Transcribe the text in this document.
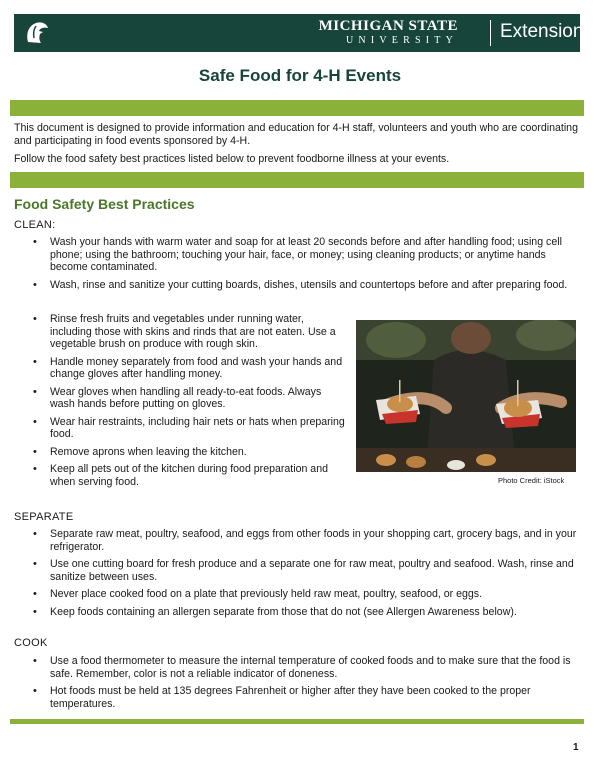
MICHIGAN STATE
UNIVERSITY Extension
Safe Food for 4-H Events
This document is designed to provide information and education for 4-H staff, volunteers and youth who are coordinating and participating in food events sponsored by 4-H.
Follow the food safety best practices listed below to prevent foodborne illness at your events.
Food Safety Best Practices
CLEAN:
• Wash your hands with warm water and soap for at least 20 seconds before and after handling food; using cell phone; using the bathroom; touching your hair, face, or money; using cleaning products; or anytime hands become contaminated.
• Wash, rinse and sanitize your cutting boards, dishes, utensils and countertops before and after preparing food.
• Rinse fresh fruits and vegetables under running water, including those with skins and rinds that are not eaten. Use a vegetable brush on produce with rough skin.
• Handle money separately from food and wash your hands and change gloves after handling money.
• Wear gloves when handling all ready-to-eat foods. Always wash hands before putting on gloves.
• Wear hair restraints, including hair nets or hats when preparing food.
• Remove aprons when leaving the kitchen.
• Keep all pets out of the kitchen during food preparation and when serving food.	Photo Credit: iStock
SEPARATE
• Separate raw meat, poultry, seafood, and eggs from other foods in your shopping cart, grocery bags, and in your refrigerator.
• Use one cutting board for fresh produce and a separate one for raw meat, poultry and seafood. Wash, rinse and sanitize between uses.
• Never place cooked food on a plate that previously held raw meat, poultry, seafood, or eggs.
• Keep foods containing an allergen separate from those that do not (see Allergen Awareness below).
COOK
• Use a food thermometer to measure the internal temperature of cooked foods and to make sure that the food is safe. Remember, color is not a reliable indicator of doneness.
• Hot foods must be held at 135 degrees Fahrenheit or higher after they have been cooked to the proper temperatures.
1
